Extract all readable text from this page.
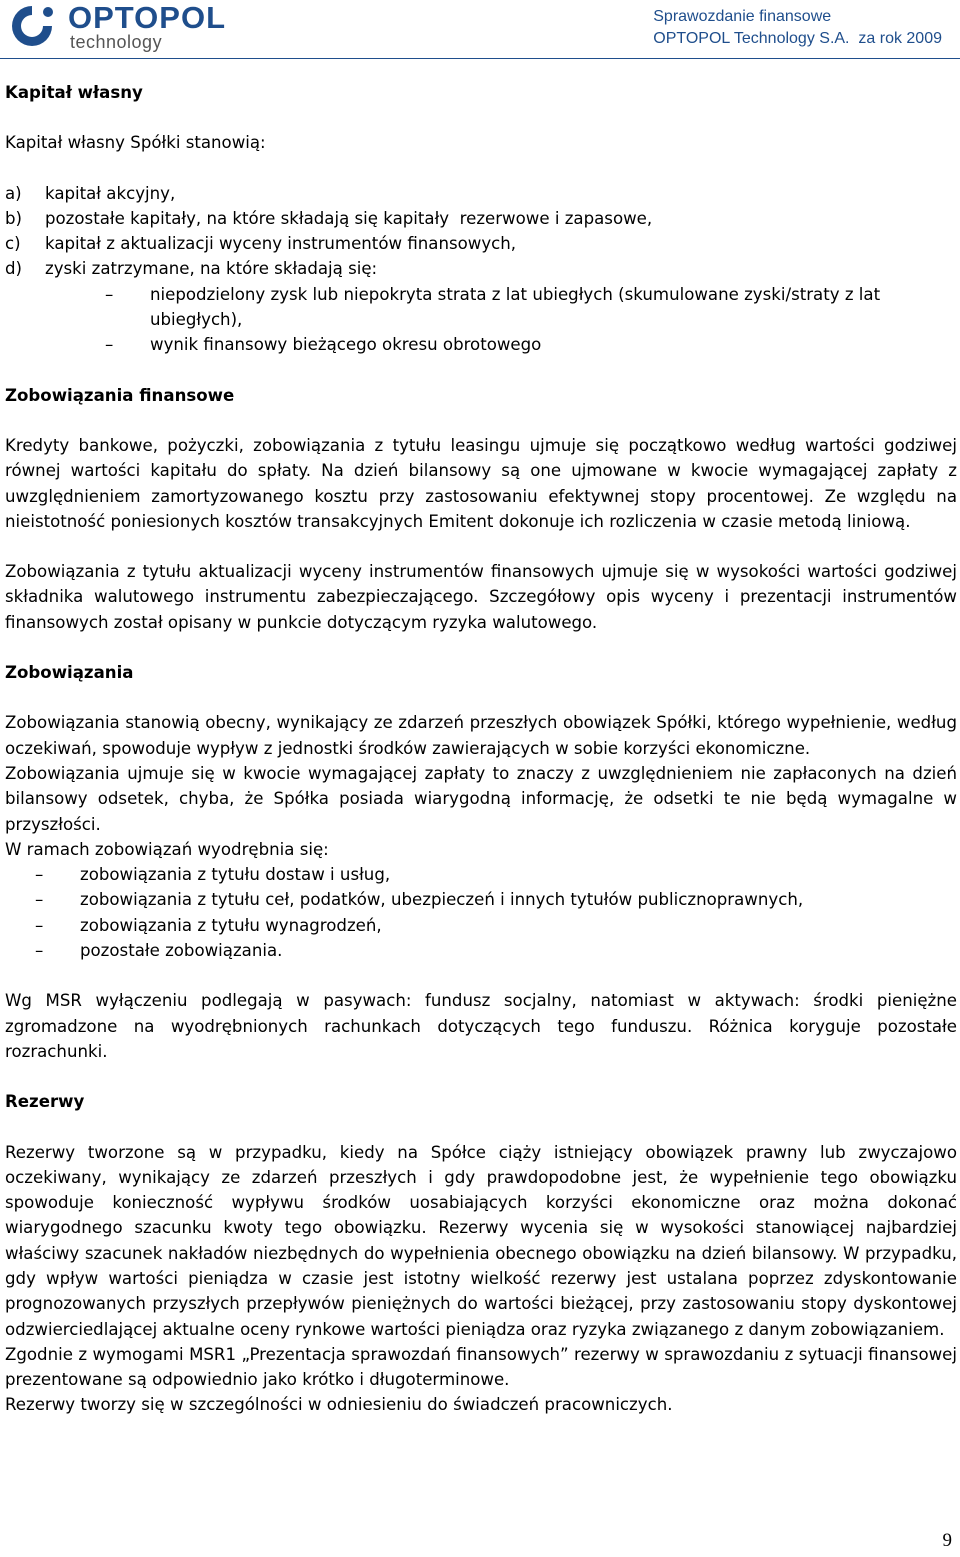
OPTOPOL
technology
Sprawozdanie finansowe
OPTOPOL Technology S.A.  za rok 2009

Kapitał własny

Kapitał własny Spółki stanowią:

a)	kapitał akcyjny,
b)	pozostałe kapitały, na które składają się kapitały  rezerwowe i zapasowe,
c)	kapitał z aktualizacji wyceny instrumentów finansowych,
d)	zyski zatrzymane, na które składają się:
–	niepodzielony zysk lub niepokryta strata z lat ubiegłych (skumulowane zyski/straty z lat ubiegłych),
–	wynik finansowy bieżącego okresu obrotowego

Zobowiązania finansowe

Kredyty bankowe, pożyczki, zobowiązania z tytułu leasingu ujmuje się początkowo według wartości godziwej równej wartości kapitału do spłaty. Na dzień bilansowy są one ujmowane w kwocie wymagającej zapłaty z uwzględnieniem zamortyzowanego kosztu przy zastosowaniu efektywnej stopy procentowej. Ze względu na nieistotność poniesionych kosztów transakcyjnych Emitent dokonuje ich rozliczenia w czasie metodą liniową.

Zobowiązania z tytułu aktualizacji wyceny instrumentów finansowych ujmuje się w wysokości wartości godziwej składnika walutowego instrumentu zabezpieczającego. Szczegółowy opis wyceny i prezentacji instrumentów finansowych został opisany w punkcie dotyczącym ryzyka walutowego.

Zobowiązania

Zobowiązania stanowią obecny, wynikający ze zdarzeń przeszłych obowiązek Spółki, którego wypełnienie, według oczekiwań, spowoduje wypływ z jednostki środków zawierających w sobie korzyści ekonomiczne.

Zobowiązania ujmuje się w kwocie wymagającej zapłaty to znaczy z uwzględnieniem nie zapłaconych na dzień bilansowy odsetek, chyba, że Spółka posiada wiarygodną informację, że odsetki te nie będą wymagalne w przyszłości.

W ramach zobowiązań wyodrębnia się:

–	zobowiązania z tytułu dostaw i usług,
–	zobowiązania z tytułu ceł, podatków, ubezpieczeń i innych tytułów publicznoprawnych,
–	zobowiązania z tytułu wynagrodzeń,
–	pozostałe zobowiązania.

Wg MSR wyłączeniu podlegają w pasywach: fundusz socjalny, natomiast w aktywach: środki pieniężne zgromadzone na wyodrębnionych rachunkach dotyczących tego funduszu. Różnica koryguje pozostałe rozrachunki.

Rezerwy

Rezerwy tworzone są w przypadku, kiedy na Spółce ciąży istniejący obowiązek prawny lub zwyczajowo oczekiwany, wynikający ze zdarzeń przeszłych i gdy prawdopodobne jest, że wypełnienie tego obowiązku spowoduje konieczność wypływu środków uosabiających korzyści ekonomiczne oraz można dokonać wiarygodnego szacunku kwoty tego obowiązku. Rezerwy wycenia się w wysokości stanowiącej najbardziej właściwy szacunek nakładów niezbędnych do wypełnienia obecnego obowiązku na dzień bilansowy. W przypadku, gdy wpływ wartości pieniądza w czasie jest istotny wielkość rezerwy jest ustalana poprzez zdyskontowanie prognozowanych przyszłych przepływów pieniężnych do wartości bieżącej, przy zastosowaniu stopy dyskontowej odzwierciedlającej aktualne oceny rynkowe wartości pieniądza oraz ryzyka związanego z danym zobowiązaniem.

Zgodnie z wymogami MSR1 „Prezentacja sprawozdań finansowych” rezerwy w sprawozdaniu z sytuacji finansowej prezentowane są odpowiednio jako krótko i długoterminowe.

Rezerwy tworzy się w szczególności w odniesieniu do świadczeń pracowniczych.

9
